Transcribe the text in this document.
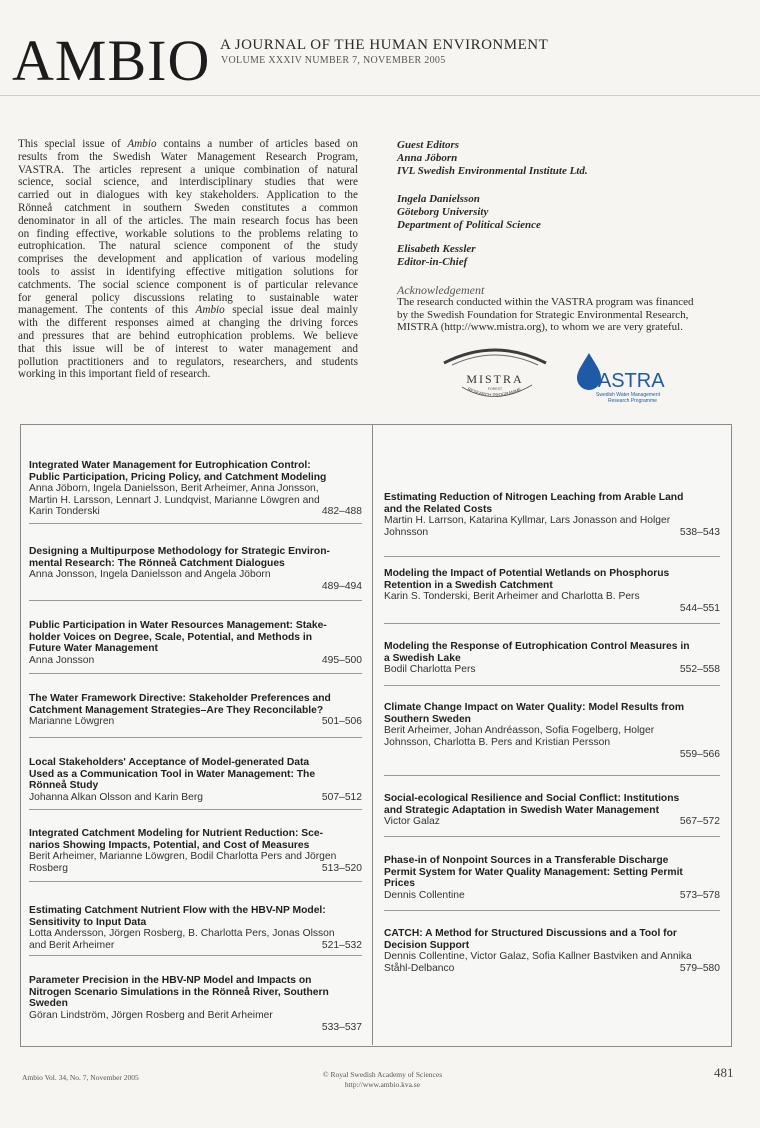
AMBIO A JOURNAL OF THE HUMAN ENVIRONMENT
VOLUME XXXIV NUMBER 7, NOVEMBER 2005
This special issue of Ambio contains a number of articles based on
results from the Swedish Water Management Research Program,
VASTRA. The articles represent a unique combination of natural
science, social science, and interdisciplinary studies that were
carried out in dialogues with key stakeholders. Application to the
Rönneå catchment in southern Sweden constitutes a common
denominator in all of the articles. The main research focus has been
on finding effective, workable solutions to the problems relating to
eutrophication. The natural science component of the study
comprises the development and application of various modeling
tools to assist in identifying effective mitigation solutions for
catchments. The social science component is of particular relevance
for general policy discussions relating to sustainable water
management. The contents of this Ambio special issue deal mainly
with the different responses aimed at changing the driving forces
and pressures that are behind eutrophication problems. We believe
that this issue will be of interest to water management and
pollution practitioners and to regulators, researchers, and students
working in this important field of research.
Guest Editors
Anna Jöborn
IVL Swedish Environmental Institute Ltd.
Ingela Danielsson
Göteborg University
Department of Political Science
Elisabeth Kessler
Editor-in-Chief
Acknowledgement
The research conducted within the VASTRA program was financed
by the Swedish Foundation for Strategic Environmental Research,
MISTRA (http://www.mistra.org), to whom we are very grateful.
MISTRA
FOREST
RESEARCH PROGRAMME	VASTRA
Swedish Water Management
Research Programme
Integrated Water Management for Eutrophication Control:
Public Participation, Pricing Policy, and Catchment Modeling
Anna Jöborn, Ingela Danielsson, Berit Arheimer, Anna Jonsson,
Martin H. Larsson, Lennart J. Lundqvist, Marianne Löwgren and
Karin Tonderski	482–488
Designing a Multipurpose Methodology for Strategic Environ-
mental Research: The Rönneå Catchment Dialogues
Anna Jonsson, Ingela Danielsson and Angela Jöborn
489–494
Public Participation in Water Resources Management: Stake-
holder Voices on Degree, Scale, Potential, and Methods in
Future Water Management
Anna Jonsson	495–500
The Water Framework Directive: Stakeholder Preferences and
Catchment Management Strategies–Are They Reconcilable?
Marianne Löwgren	501–506
Local Stakeholders' Acceptance of Model-generated Data
Used as a Communication Tool in Water Management: The
Rönneå Study
Johanna Alkan Olsson and Karin Berg	507–512
Integrated Catchment Modeling for Nutrient Reduction: Sce-
narios Showing Impacts, Potential, and Cost of Measures
Berit Arheimer, Marianne Löwgren, Bodil Charlotta Pers and Jörgen
Rosberg	513–520
Estimating Catchment Nutrient Flow with the HBV-NP Model:
Sensitivity to Input Data
Lotta Andersson, Jörgen Rosberg, B. Charlotta Pers, Jonas Olsson
and Berit Arheimer	521–532
Parameter Precision in the HBV-NP Model and Impacts on
Nitrogen Scenario Simulations in the Rönneå River, Southern
Sweden
Göran Lindström, Jörgen Rosberg and Berit Arheimer
533–537
Estimating Reduction of Nitrogen Leaching from Arable Land
and the Related Costs
Martin H. Larrson, Katarina Kyllmar, Lars Jonasson and Holger
Johnsson	538–543
Modeling the Impact of Potential Wetlands on Phosphorus
Retention in a Swedish Catchment
Karin S. Tonderski, Berit Arheimer and Charlotta B. Pers
544–551
Modeling the Response of Eutrophication Control Measures in
a Swedish Lake
Bodil Charlotta Pers	552–558
Climate Change Impact on Water Quality: Model Results from
Southern Sweden
Berit Arheimer, Johan Andréasson, Sofia Fogelberg, Holger
Johnsson, Charlotta B. Pers and Kristian Persson
559–566
Social-ecological Resilience and Social Conflict: Institutions
and Strategic Adaptation in Swedish Water Management
Victor Galaz	567–572
Phase-in of Nonpoint Sources in a Transferable Discharge
Permit System for Water Quality Management: Setting Permit
Prices
Dennis Collentine	573–578
CATCH: A Method for Structured Discussions and a Tool for
Decision Support
Dennis Collentine, Victor Galaz, Sofia Kallner Bastviken and Annika
Ståhl-Delbanco	579–580
Ambio Vol. 34, No. 7, November 2005	© Royal Swedish Academy of Sciences
http://www.ambio.kva.se
481
